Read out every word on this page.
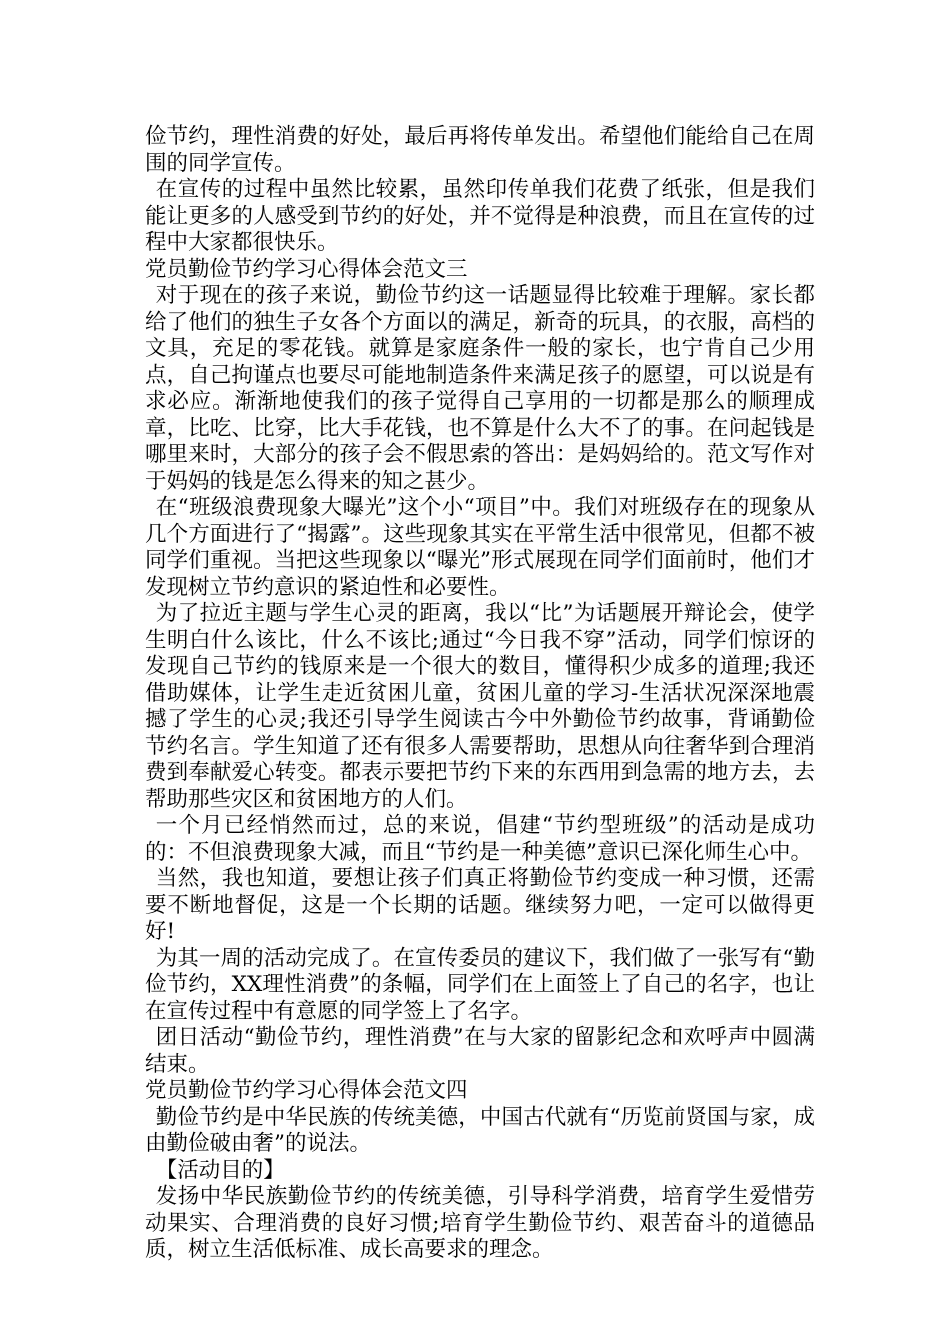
俭节约，理性消费的好处，最后再将传单发出。希望他们能给自己在周围的同学宣传。

在宣传的过程中虽然比较累，虽然印传单我们花费了纸张，但是我们能让更多的人感受到节约的好处，并不觉得是种浪费，而且在宣传的过程中大家都很快乐。

党员勤俭节约学习心得体会范文三

对于现在的孩子来说，勤俭节约这一话题显得比较难于理解。家长都给了他们的独生子女各个方面以的满足，新奇的玩具，的衣服，高档的文具，充足的零花钱。就算是家庭条件一般的家长，也宁肯自己少用点，自己拘谨点也要尽可能地制造条件来满足孩子的愿望，可以说是有求必应。渐渐地使我们的孩子觉得自己享用的一切都是那么的顺理成章，比吃、比穿，比大手花钱，也不算是什么大不了的事。在问起钱是哪里来时，大部分的孩子会不假思索的答出：是妈妈给的。范文写作对于妈妈的钱是怎么得来的知之甚少。

在“班级浪费现象大曝光”这个小“项目”中。我们对班级存在的现象从几个方面进行了“揭露”。这些现象其实在平常生活中很常见，但都不被同学们重视。当把这些现象以“曝光”形式展现在同学们面前时，他们才发现树立节约意识的紧迫性和必要性。

为了拉近主题与学生心灵的距离，我以“比”为话题展开辩论会，使学生明白什么该比，什么不该比;通过“今日我不穿”活动，同学们惊讶的发现自己节约的钱原来是一个很大的数目，懂得积少成多的道理;我还借助媒体，让学生走近贫困儿童，贫困儿童的学习-生活状况深深地震撼了学生的心灵;我还引导学生阅读古今中外勤俭节约故事，背诵勤俭节约名言。学生知道了还有很多人需要帮助，思想从向往奢华到合理消费到奉献爱心转变。都表示要把节约下来的东西用到急需的地方去，去帮助那些灾区和贫困地方的人们。

一个月已经悄然而过，总的来说，倡建“节约型班级”的活动是成功的：不但浪费现象大减，而且“节约是一种美德”意识已深化师生心中。

当然，我也知道，要想让孩子们真正将勤俭节约变成一种习惯，还需要不断地督促，这是一个长期的话题。继续努力吧，一定可以做得更好!

为其一周的活动完成了。在宣传委员的建议下，我们做了一张写有“勤俭节约，XX理性消费”的条幅，同学们在上面签上了自己的名字，也让在宣传过程中有意愿的同学签上了名字。

团日活动“勤俭节约，理性消费”在与大家的留影纪念和欢呼声中圆满结束。

党员勤俭节约学习心得体会范文四

勤俭节约是中华民族的传统美德，中国古代就有“历览前贤国与家，成由勤俭破由奢”的说法。

【活动目的】

发扬中华民族勤俭节约的传统美德，引导科学消费，培育学生爱惜劳动果实、合理消费的良好习惯;培育学生勤俭节约、艰苦奋斗的道德品质，树立生活低标准、成长高要求的理念。
